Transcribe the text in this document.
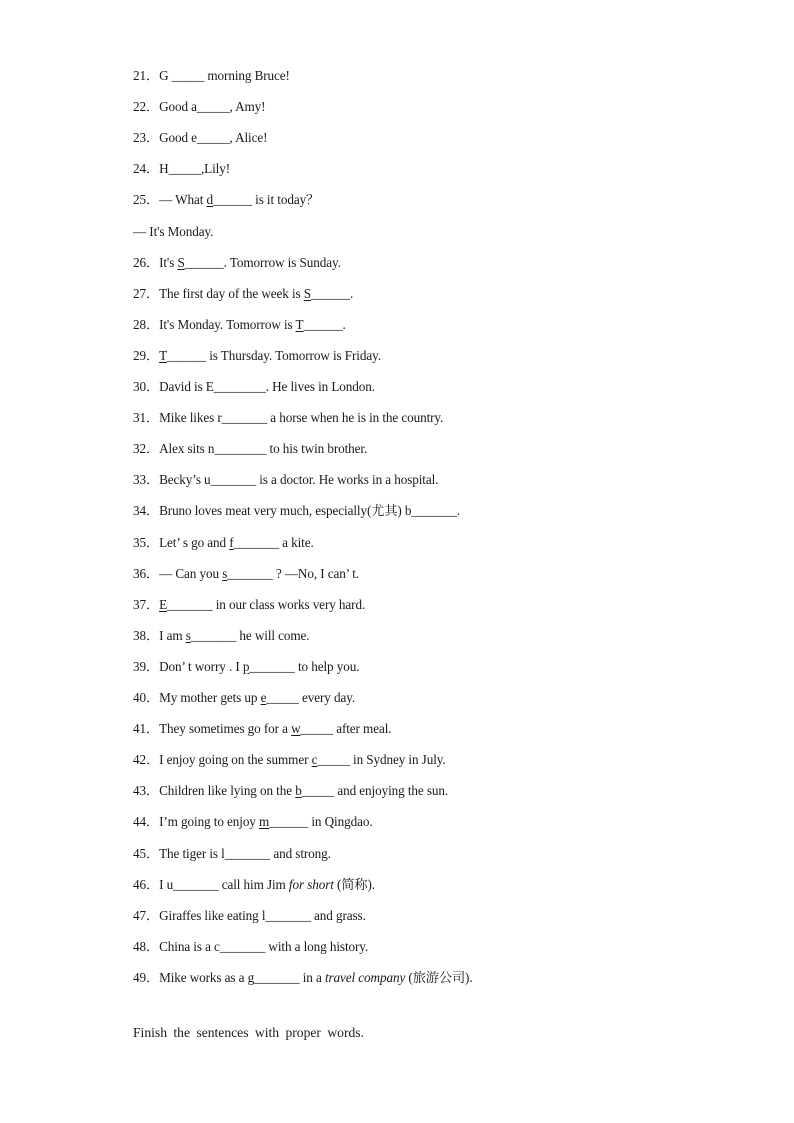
21．G _____ morning Bruce!
22．Good a_____, Amy!
23．Good e_____, Alice!
24．H_____,Lily!
25．— What d______ is it today？
— It's Monday.
26．It's S______. Tomorrow is Sunday.
27．The first day of the week is S______.
28．It's Monday. Tomorrow is T______.
29．T______ is Thursday. Tomorrow is Friday.
30．David is E________. He lives in London.
31．Mike likes r_______ a horse when he is in the country.
32．Alex sits n________ to his twin brother.
33．Becky’s u_______ is a doctor. He works in a hospital.
34．Bruno loves meat very much, especially(尤其) b_______.
35．Let’ s go and f_______ a kite.
36．— Can you s_______ ? —No, I can’ t.
37．E_______ in our class works very hard.
38．I am s_______ he will come.
39．Don’ t worry . I p_______ to help you.
40．My mother gets up e_____ every day.
41．They sometimes go for a w_____ after meal.
42．I enjoy going on the summer c_____ in Sydney in July.
43．Children like lying on the b_____ and enjoying the sun.
44．I’m going to enjoy m______ in Qingdao.
45．The tiger is l_______ and strong.
46．I u_______ call him Jim for short (简称).
47．Giraffes like eating l_______ and grass.
48．China is a c_______ with a long history.
49．Mike works as a g_______ in a travel company (旅游公司).
Finish the sentences with proper words.
